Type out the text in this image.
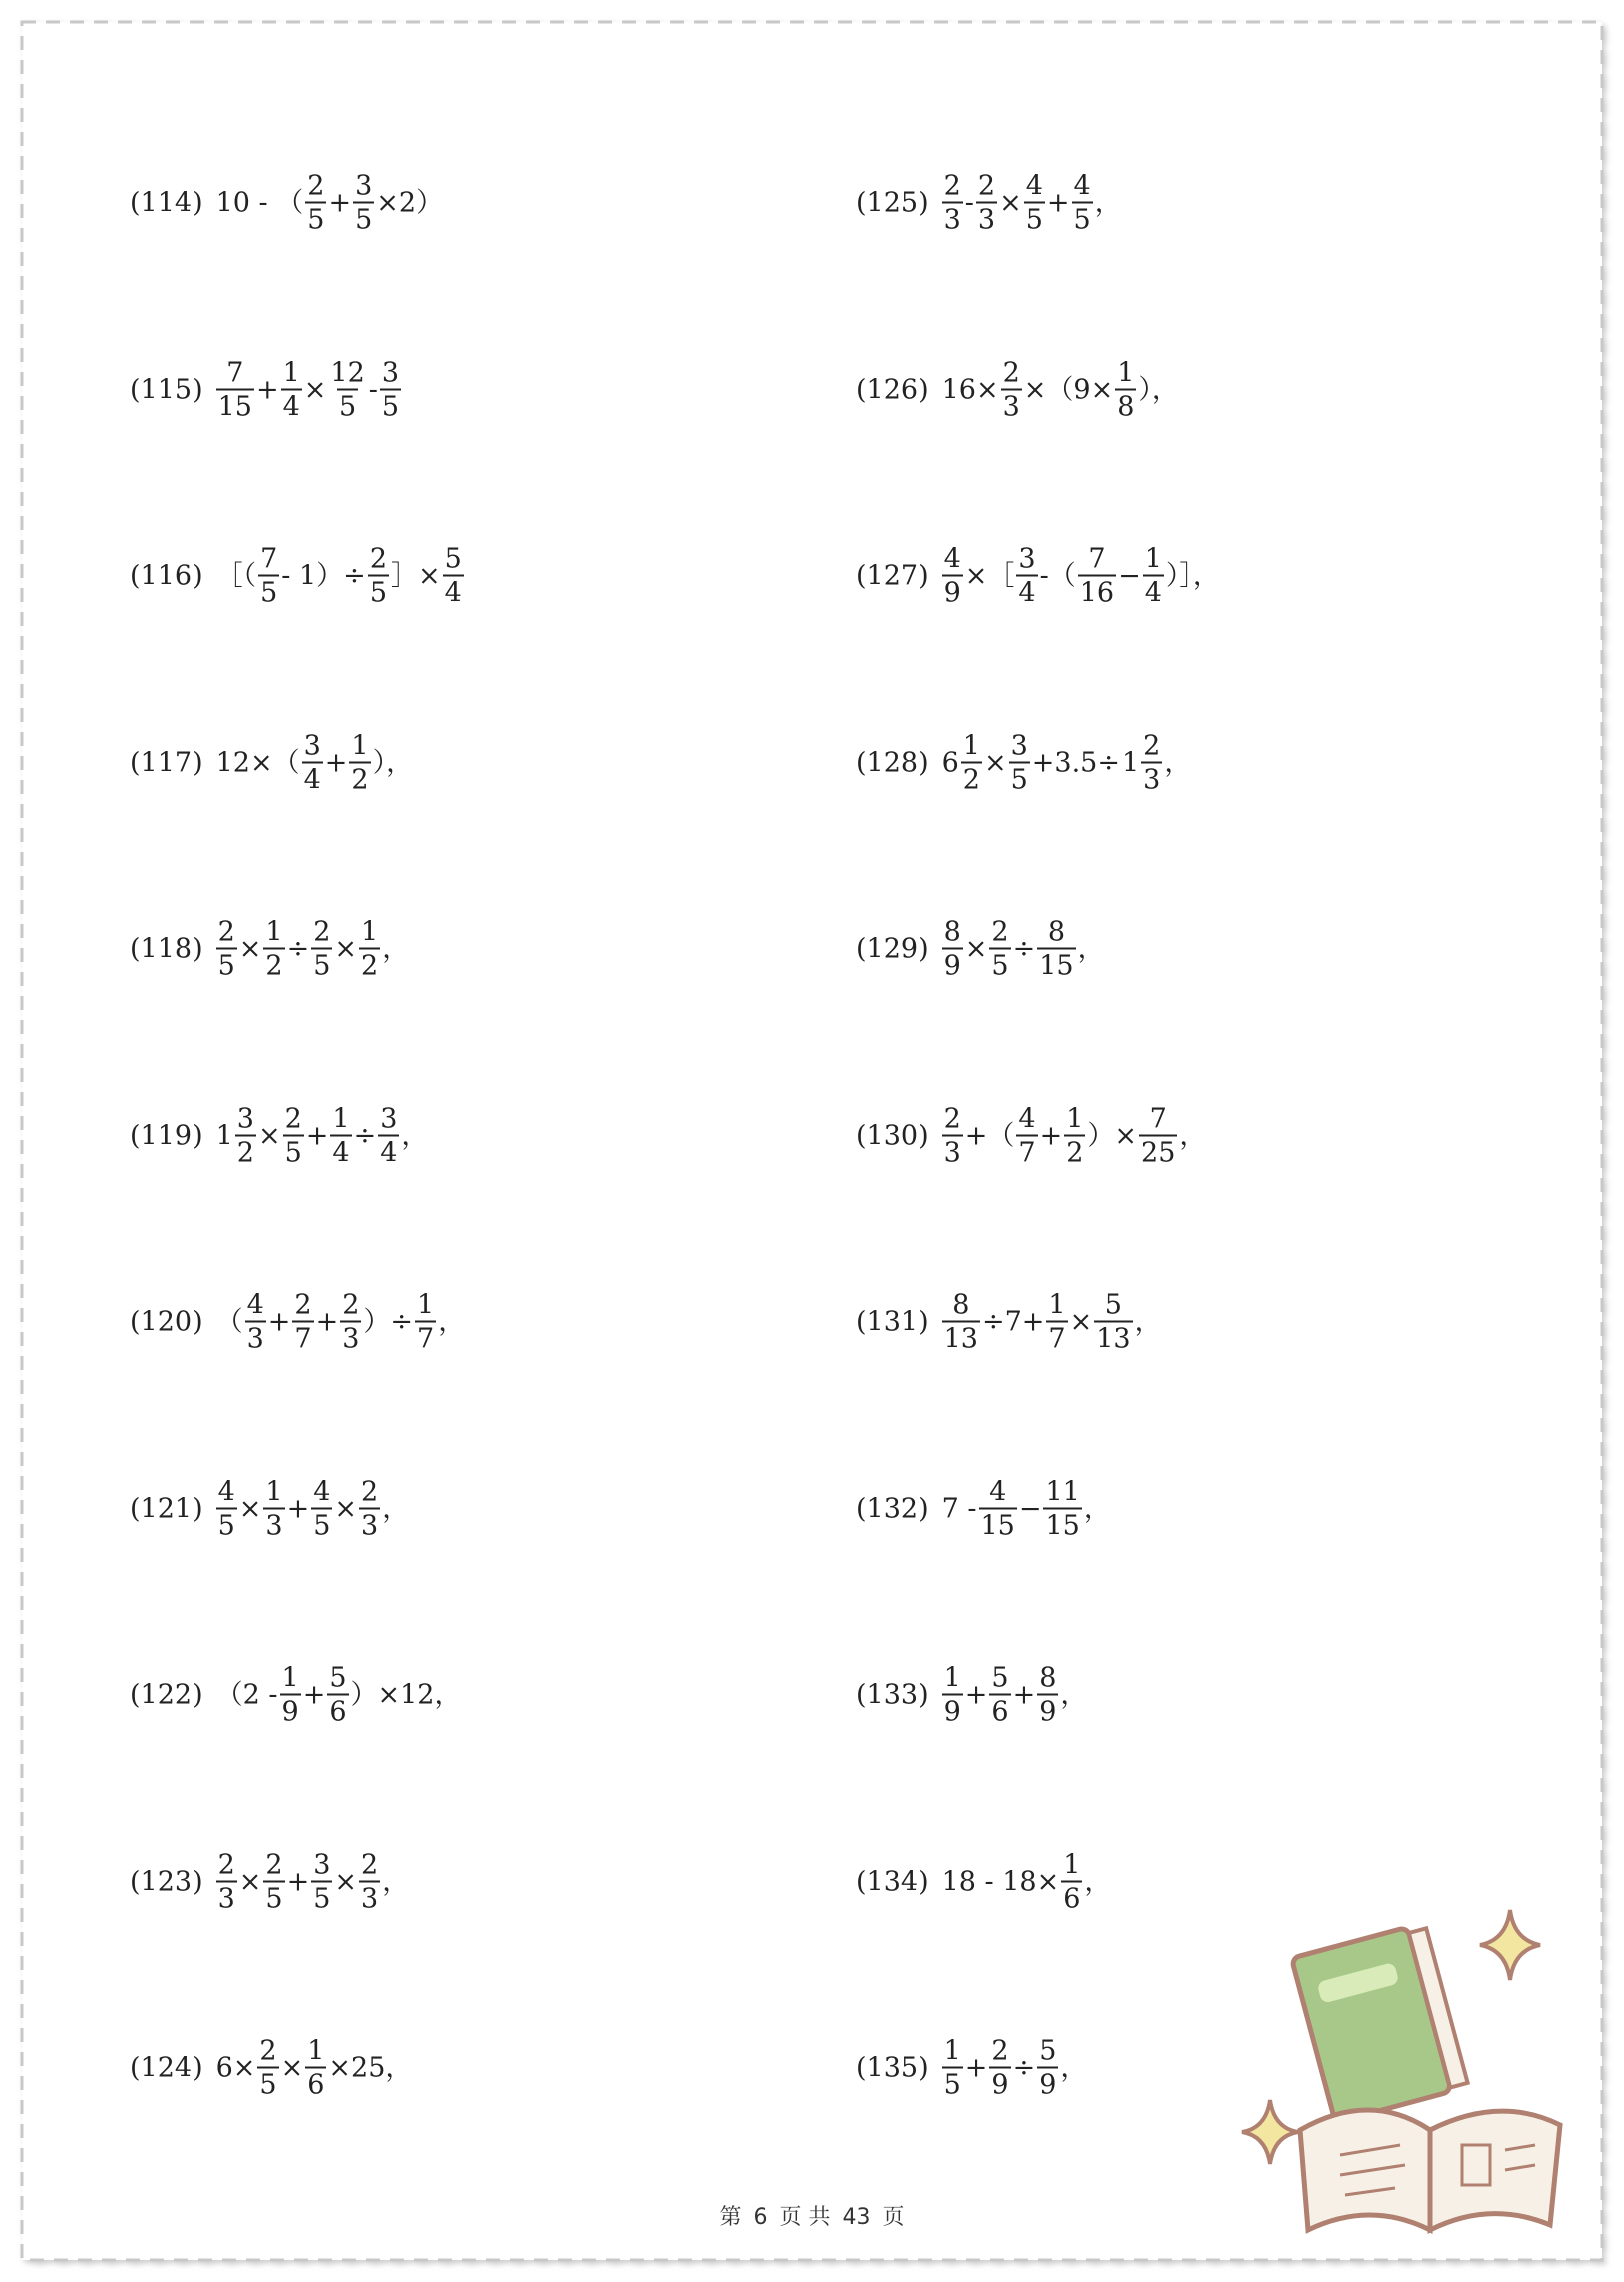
(114) 10 - （ $\frac{2}{5} + \frac{3}{5} \times 2$）
$(115) \frac{7}{15} + \frac{1}{4} \times \frac{12}{5} - \frac{3}{5}$
(116) ［（ $\frac{7}{5} - 1)\div \frac{2}{5}$ ］× $\frac{5}{4}$
(117) $12\times( \frac{3}{4} + \frac{1}{2}$ ），
$(118) \frac{2}{5} \times \frac{1}{2} \div \frac{2}{5} \times \frac{1}{2}$ ，
(119) $1 \frac{3}{2} \times \frac{2}{5} + \frac{1}{4} \div \frac{3}{4}$ ，
(120) （ $\frac{4}{3} + \frac{2}{7} + \frac{2}{3}$ ）÷ $\frac{1}{7}$ ，
$(121) \frac{4}{5} \times \frac{1}{3} + \frac{4}{5} \times \frac{2}{3}$ ，
(122) $(2 - \frac{1}{9} + \frac{5}{6} )\times 12$，
$(123) \frac{2}{3} \times \frac{2}{5} + \frac{3}{5} \times \frac{2}{3}$ ，
(124) $6\times \frac{2}{5} \times \frac{1}{6} \times 25$，
$(125) \frac{2}{3} - \frac{2}{3} \times \frac{4}{5} + \frac{4}{5}$ ，
(126) $16\times \frac{2}{3} \times(9\times \frac{1}{8}$ ），
$(127) \frac{4}{9}$ ×［ $\frac{3}{4}$ -（ $\frac{7}{16} - \frac{1}{4}$ ）］，
(128) $6 \frac{1}{2} \times \frac{3}{5} +3.5\div 1 \frac{2}{3}$ ，
$(129) \frac{8}{9} \times \frac{2}{5} \div \frac{8}{15}$ ，
$(130) \frac{2}{3}$ +（ $\frac{4}{7} + \frac{1}{2}$ ）× $\frac{7}{25}$ ，
$(131) \frac{8}{13} \div 7+ \frac{1}{7} \times \frac{5}{13}$ ，
(132) $7 - \frac{4}{15} - \frac{11}{15}$ ，
$(133) \frac{1}{9} + \frac{5}{6} + \frac{8}{9}$ ，
(134) $18 - 18\times \frac{1}{6}$ ，
$(135) \frac{1}{5} + \frac{2}{9} \div \frac{5}{9}$ ，
第 6 页 共 43 页
